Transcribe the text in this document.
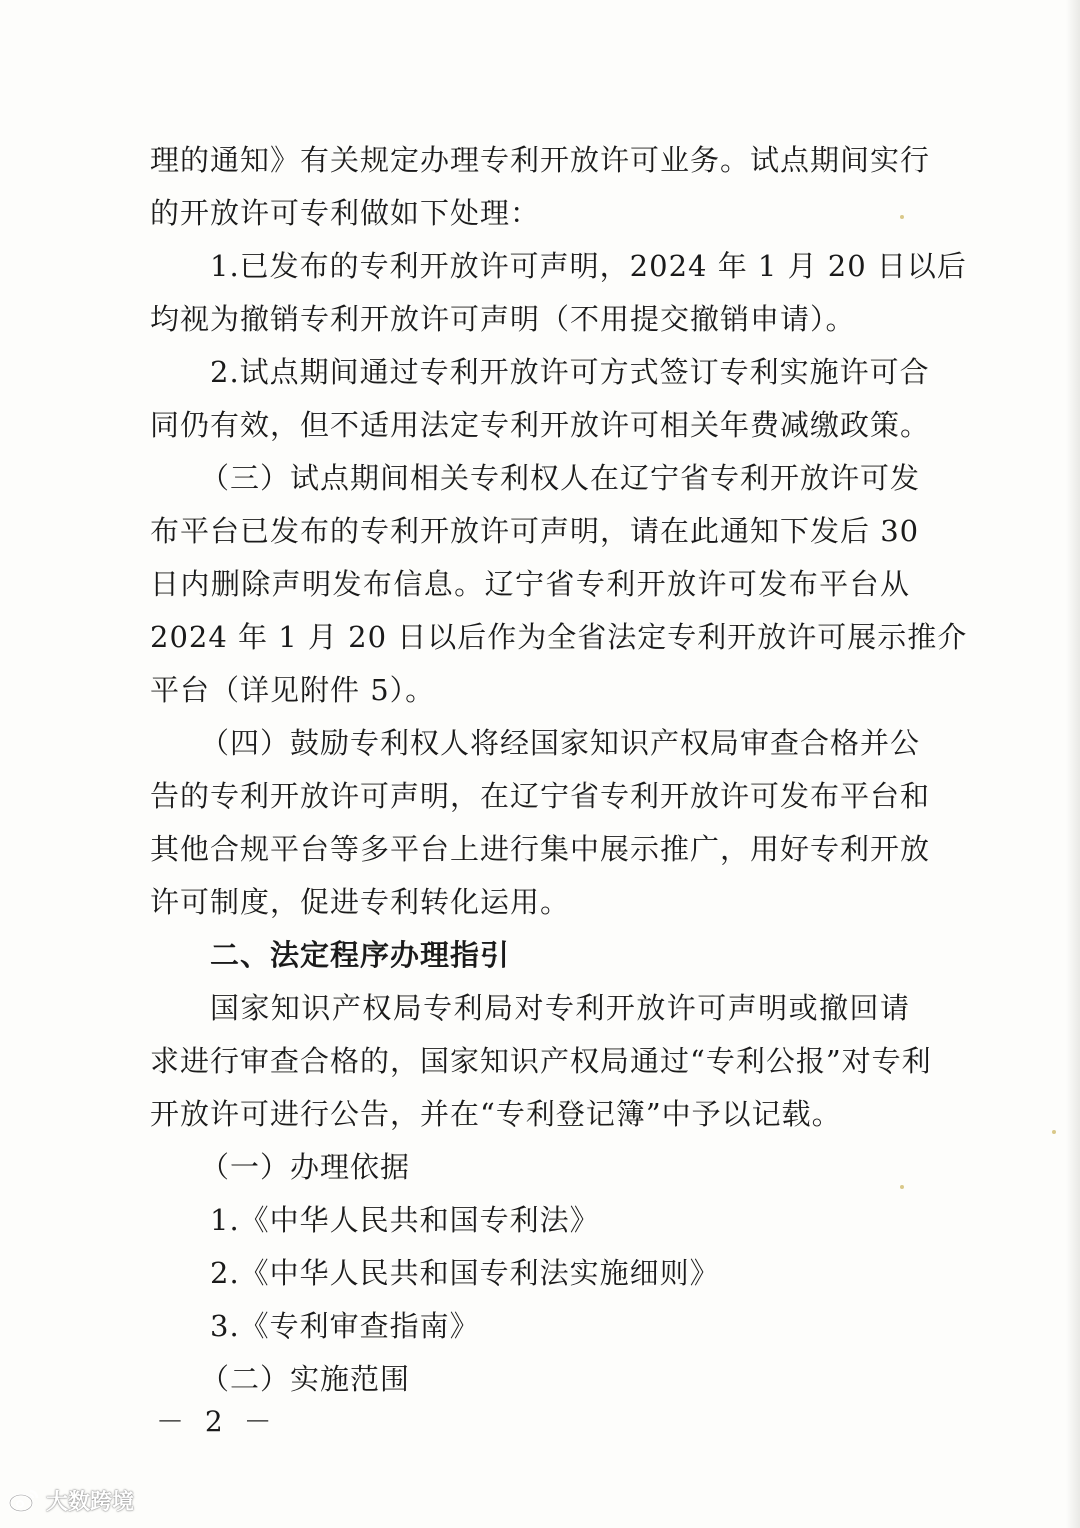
理的通知》有关规定办理专利开放许可业务。试点期间实行
的开放许可专利做如下处理：
1.已发布的专利开放许可声明，2024 年 1 月 20 日以后
均视为撤销专利开放许可声明（不用提交撤销申请）。
2.试点期间通过专利开放许可方式签订专利实施许可合
同仍有效，但不适用法定专利开放许可相关年费减缴政策。
（三）试点期间相关专利权人在辽宁省专利开放许可发
布平台已发布的专利开放许可声明，请在此通知下发后 30
日内删除声明发布信息。辽宁省专利开放许可发布平台从
2024 年 1 月 20 日以后作为全省法定专利开放许可展示推介
平台（详见附件 5）。
（四）鼓励专利权人将经国家知识产权局审查合格并公
告的专利开放许可声明，在辽宁省专利开放许可发布平台和
其他合规平台等多平台上进行集中展示推广，用好专利开放
许可制度，促进专利转化运用。
二、法定程序办理指引
国家知识产权局专利局对专利开放许可声明或撤回请
求进行审查合格的，国家知识产权局通过“专利公报”对专利
开放许可进行公告，并在“专利登记簿”中予以记载。
（一）办理依据
1.《中华人民共和国专利法》
2.《中华人民共和国专利法实施细则》
3.《专利审查指南》
（二）实施范围
－ 2 －
大数跨境
